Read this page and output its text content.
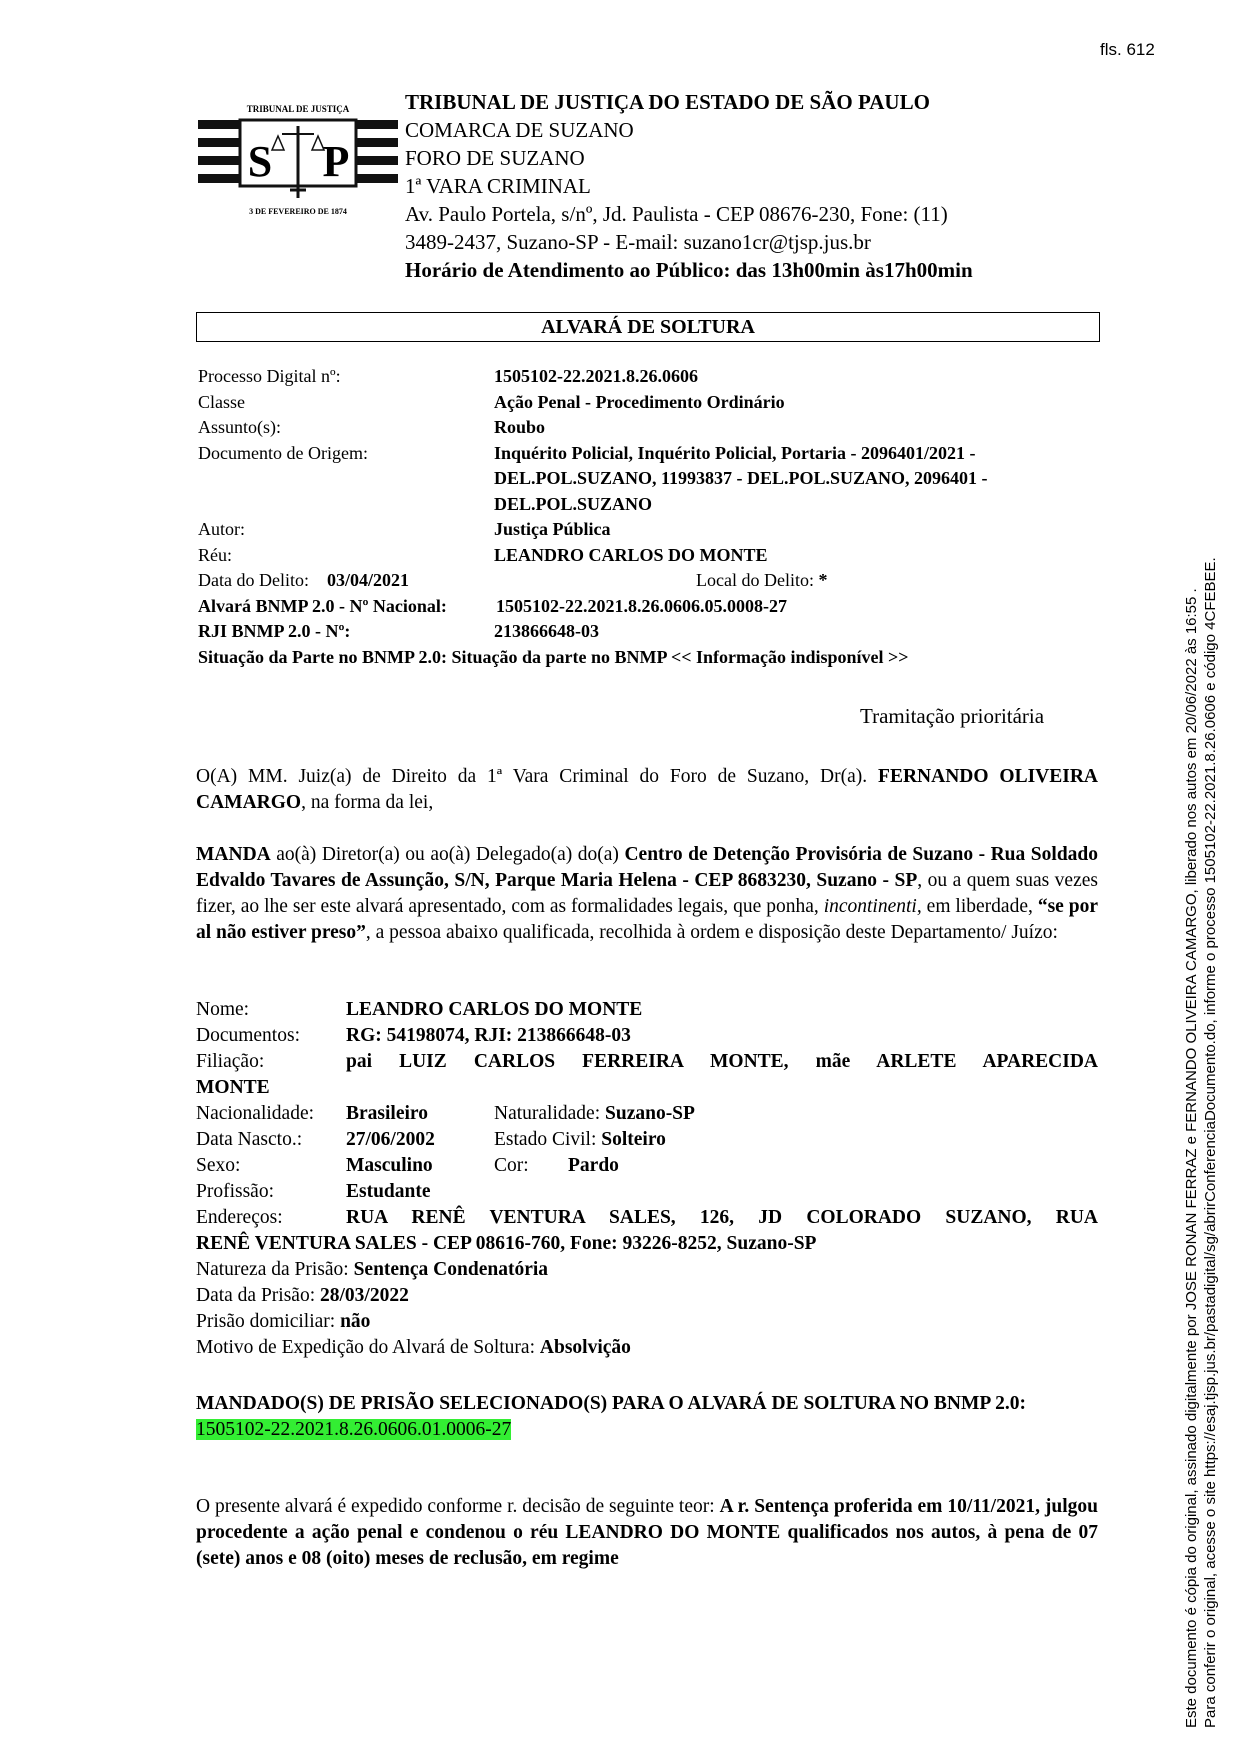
fls. 612
TRIBUNAL DE JUSTIÇA
S P
3 DE FEVEREIRO DE 1874
TRIBUNAL DE JUSTIÇA DO ESTADO DE SÃO PAULO
COMARCA DE SUZANO
FORO DE SUZANO
1ª VARA CRIMINAL
Av. Paulo Portela, s/nº, Jd. Paulista - CEP 08676-230, Fone: (11)
3489-2437, Suzano-SP - E-mail: suzano1cr@tjsp.jus.br
Horário de Atendimento ao Público: das 13h00min às17h00min
ALVARÁ DE SOLTURA
Processo Digital nº:	1505102-22.2021.8.26.0606
Classe	Ação Penal - Procedimento Ordinário
Assunto(s):	Roubo
Documento de Origem:	Inquérito Policial, Inquérito Policial, Portaria - 2096401/2021 -
DEL.POL.SUZANO, 11993837 - DEL.POL.SUZANO, 2096401 -
DEL.POL.SUZANO
Autor:	Justiça Pública
Réu:	LEANDRO CARLOS DO MONTE
Data do Delito: 03/04/2021	Local do Delito: *
Alvará BNMP 2.0 - Nº Nacional:	1505102-22.2021.8.26.0606.05.0008-27
RJI BNMP 2.0 - Nº:	213866648-03
Situação da Parte no BNMP 2.0: Situação da parte no BNMP << Informação indisponível >>
Tramitação prioritária
O(A) MM. Juiz(a) de Direito da 1ª Vara Criminal do Foro de Suzano, Dr(a). FERNANDO OLIVEIRA CAMARGO, na forma da lei,
MANDA ao(à) Diretor(a) ou ao(à) Delegado(a) do(a) Centro de Detenção Provisória de Suzano - Rua Soldado Edvaldo Tavares de Assunção, S/N, Parque Maria Helena - CEP 8683230, Suzano - SP, ou a quem suas vezes fizer, ao lhe ser este alvará apresentado, com as formalidades legais, que ponha, incontinenti, em liberdade, “se por al não estiver preso”, a pessoa abaixo qualificada, recolhida à ordem e disposição deste Departamento/ Juízo:
Nome:	LEANDRO CARLOS DO MONTE
Documentos: RG: 54198074, RJI: 213866648-03
Filiação:	pai LUIZ CARLOS FERREIRA MONTE, mãe ARLETE APARECIDA
MONTE
Nacionalidade: Brasileiro	Naturalidade: Suzano-SP
Data Nascto.: 27/06/2002	Estado Civil: Solteiro
Sexo:	Masculino	Cor: Pardo
Profissão:	Estudante
Endereços:	RUA RENÊ VENTURA SALES, 126, JD COLORADO SUZANO, RUA
RENÊ VENTURA SALES - CEP 08616-760, Fone: 93226-8252, Suzano-SP
Natureza da Prisão: Sentença Condenatória
Data da Prisão: 28/03/2022
Prisão domiciliar: não
Motivo de Expedição do Alvará de Soltura: Absolvição
MANDADO(S) DE PRISÃO SELECIONADO(S) PARA O ALVARÁ DE SOLTURA NO BNMP 2.0:
1505102-22.2021.8.26.0606.01.0006-27
O presente alvará é expedido conforme r. decisão de seguinte teor: A r. Sentença proferida em 10/11/2021, julgou procedente a ação penal e condenou o réu LEANDRO DO MONTE qualificados nos autos, à pena de 07 (sete) anos e 08 (oito) meses de reclusão, em regime	Este documento é cópia do original, assinado digitalmente por JOSE RONAN FERRAZ e FERNANDO OLIVEIRA CAMARGO, liberado nos autos em 20/06/2022 às 16:55 . Para conferir o original, acesse o site https://esaj.tjsp.jus.br/pastadigital/sg/abrirConferenciaDocumento.do, informe o processo 1505102-22.2021.8.26.0606 e código 4CFEBEE.
